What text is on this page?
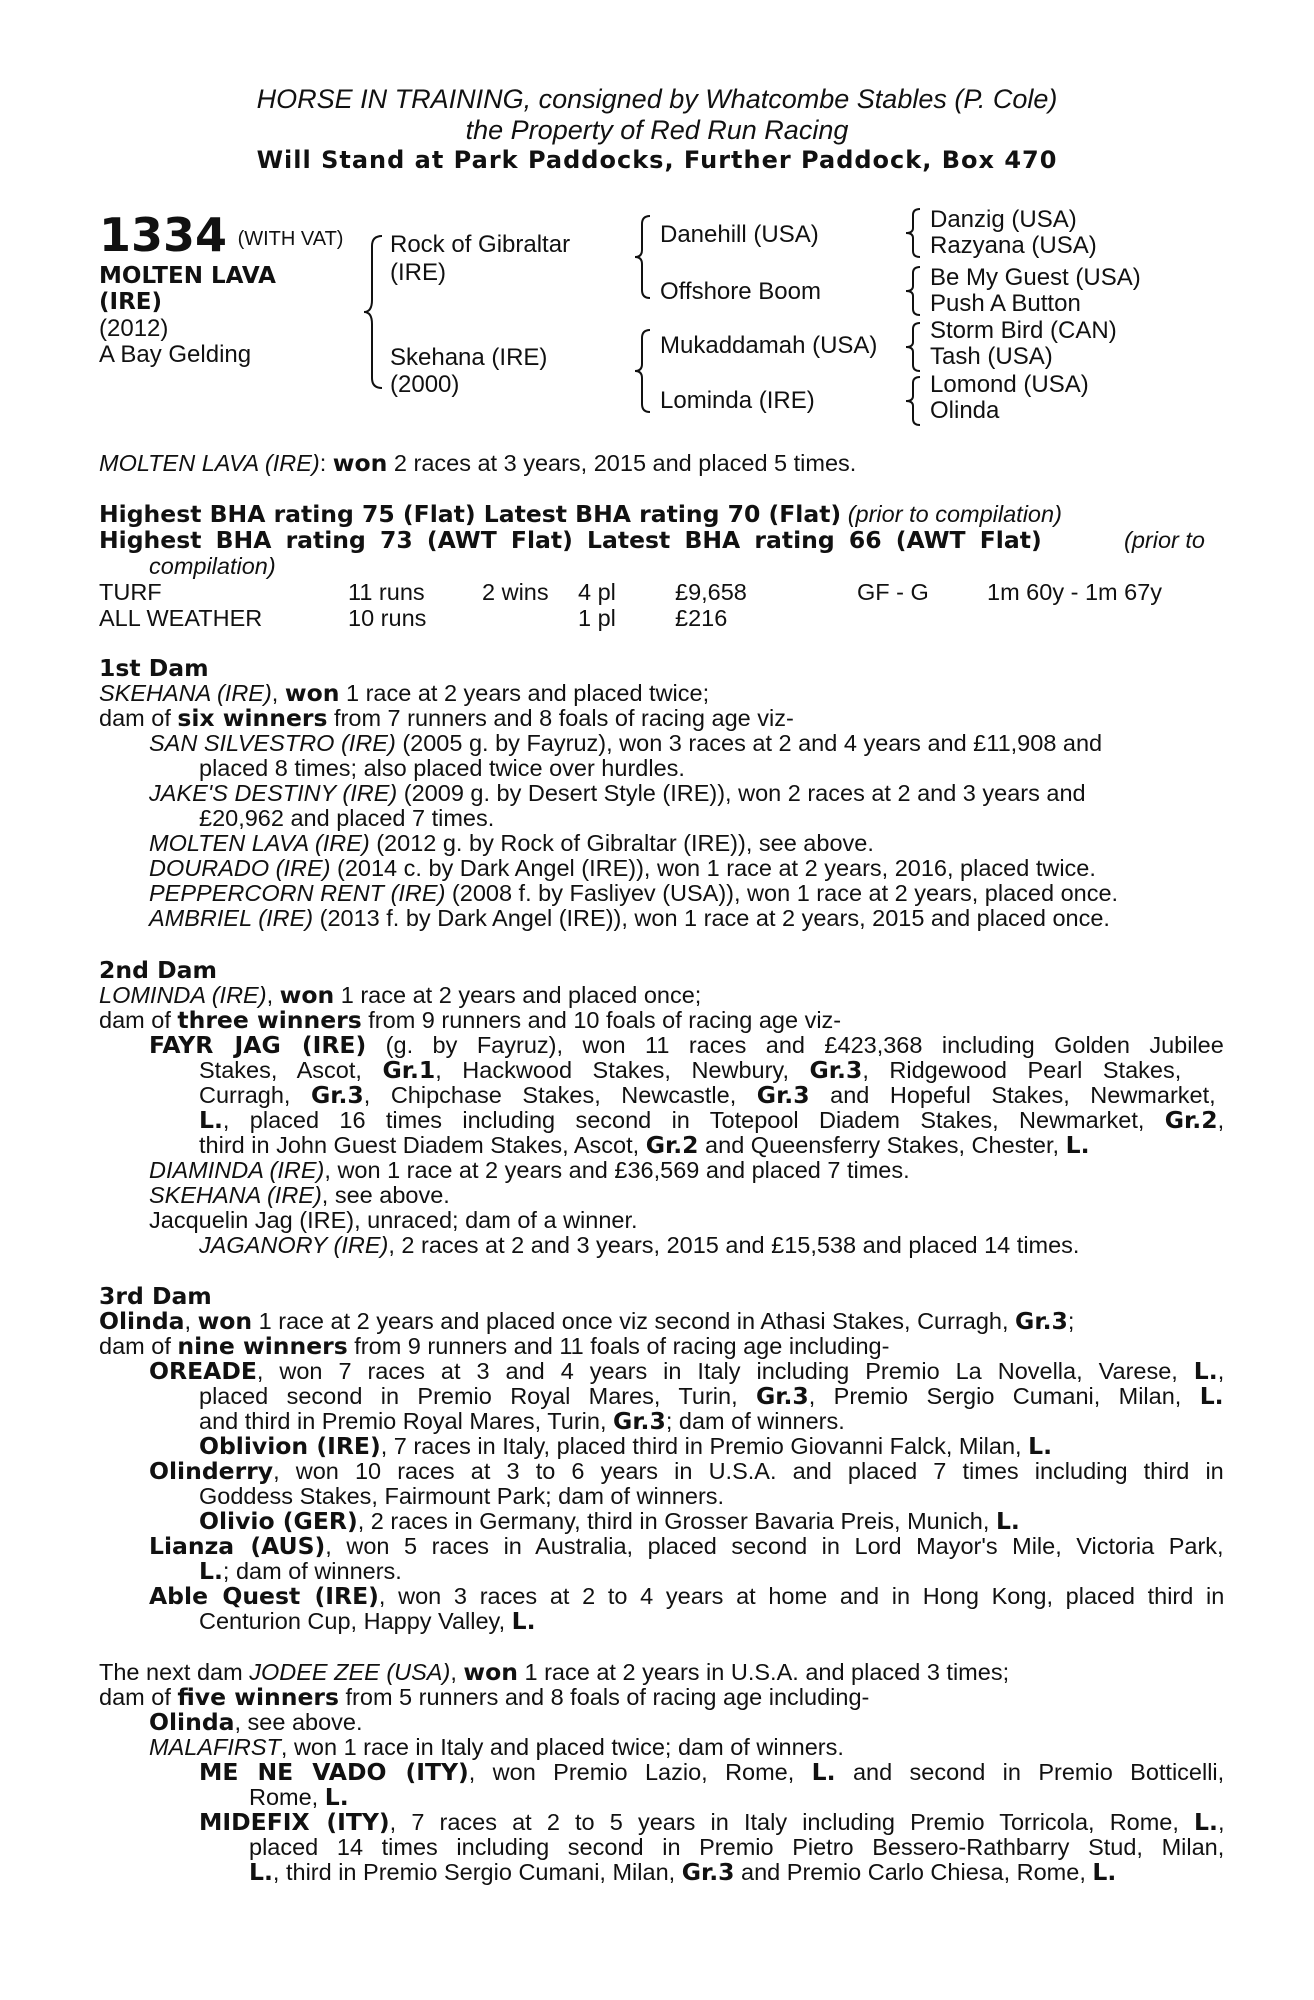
HORSE IN TRAINING, consigned by Whatcombe Stables (P. Cole)
the Property of Red Run Racing
Will Stand at Park Paddocks, Further Paddock, Box 470
1334 (WITH VAT)
MOLTEN LAVA
(IRE)
(2012)
A Bay Gelding
Rock of Gibraltar
(IRE)
Skehana (IRE)
(2000)
Danehill (USA)
Offshore Boom
Mukaddamah (USA)
Lominda (IRE)
Danzig (USA)
Razyana (USA)
Be My Guest (USA)
Push A Button
Storm Bird (CAN)
Tash (USA)
Lomond (USA)
Olinda
MOLTEN LAVA (IRE): won 2 races at 3 years, 2015 and placed 5 times.
Highest BHA rating 75 (Flat) Latest BHA rating 70 (Flat) (prior to compilation)
Highest BHA rating 73 (AWT Flat) Latest BHA rating 66 (AWT Flat)	(prior to
compilation)
TURF	11 runs 2 wins 4 pl	£9,658	GF - G 1m 60y - 1m 67y
ALL WEATHER	10 runs	1 pl	£216
1st Dam
SKEHANA (IRE), won 1 race at 2 years and placed twice;
dam of six winners from 7 runners and 8 foals of racing age viz-
SAN SILVESTRO (IRE) (2005 g. by Fayruz), won 3 races at 2 and 4 years and £11,908 and
placed 8 times; also placed twice over hurdles.
JAKE'S DESTINY (IRE) (2009 g. by Desert Style (IRE)), won 2 races at 2 and 3 years and
£20,962 and placed 7 times.
MOLTEN LAVA (IRE) (2012 g. by Rock of Gibraltar (IRE)), see above.
DOURADO (IRE) (2014 c. by Dark Angel (IRE)), won 1 race at 2 years, 2016, placed twice.
PEPPERCORN RENT (IRE) (2008 f. by Fasliyev (USA)), won 1 race at 2 years, placed once.
AMBRIEL (IRE) (2013 f. by Dark Angel (IRE)), won 1 race at 2 years, 2015 and placed once.
2nd Dam
LOMINDA (IRE), won 1 race at 2 years and placed once;
dam of three winners from 9 runners and 10 foals of racing age viz-
FAYR JAG (IRE) (g. by Fayruz), won 11 races and £423,368 including Golden Jubilee
Stakes, Ascot, Gr.1, Hackwood Stakes, Newbury, Gr.3, Ridgewood Pearl Stakes,
Curragh, Gr.3, Chipchase Stakes, Newcastle, Gr.3 and Hopeful Stakes, Newmarket,
L., placed 16 times including second in Totepool Diadem Stakes, Newmarket, Gr.2,
third in John Guest Diadem Stakes, Ascot, Gr.2 and Queensferry Stakes, Chester, L.
DIAMINDA (IRE), won 1 race at 2 years and £36,569 and placed 7 times.
SKEHANA (IRE), see above.
Jacquelin Jag (IRE), unraced; dam of a winner.
JAGANORY (IRE), 2 races at 2 and 3 years, 2015 and £15,538 and placed 14 times.
3rd Dam
Olinda, won 1 race at 2 years and placed once viz second in Athasi Stakes, Curragh, Gr.3;
dam of nine winners from 9 runners and 11 foals of racing age including-
OREADE, won 7 races at 3 and 4 years in Italy including Premio La Novella, Varese, L.,
placed second in Premio Royal Mares, Turin, Gr.3, Premio Sergio Cumani, Milan, L.
and third in Premio Royal Mares, Turin, Gr.3; dam of winners.
Oblivion (IRE), 7 races in Italy, placed third in Premio Giovanni Falck, Milan, L.
Olinderry, won 10 races at 3 to 6 years in U.S.A. and placed 7 times including third in
Goddess Stakes, Fairmount Park; dam of winners.
Olivio (GER), 2 races in Germany, third in Grosser Bavaria Preis, Munich, L.
Lianza (AUS), won 5 races in Australia, placed second in Lord Mayor's Mile, Victoria Park,
L.; dam of winners.
Able Quest (IRE), won 3 races at 2 to 4 years at home and in Hong Kong, placed third in
Centurion Cup, Happy Valley, L.
The next dam JODEE ZEE (USA), won 1 race at 2 years in U.S.A. and placed 3 times;
dam of five winners from 5 runners and 8 foals of racing age including-
Olinda, see above.
MALAFIRST, won 1 race in Italy and placed twice; dam of winners.
ME NE VADO (ITY), won Premio Lazio, Rome, L. and second in Premio Botticelli,
Rome, L.
MIDEFIX (ITY), 7 races at 2 to 5 years in Italy including Premio Torricola, Rome, L.,
placed 14 times including second in Premio Pietro Bessero-Rathbarry Stud, Milan,
L., third in Premio Sergio Cumani, Milan, Gr.3 and Premio Carlo Chiesa, Rome, L.
